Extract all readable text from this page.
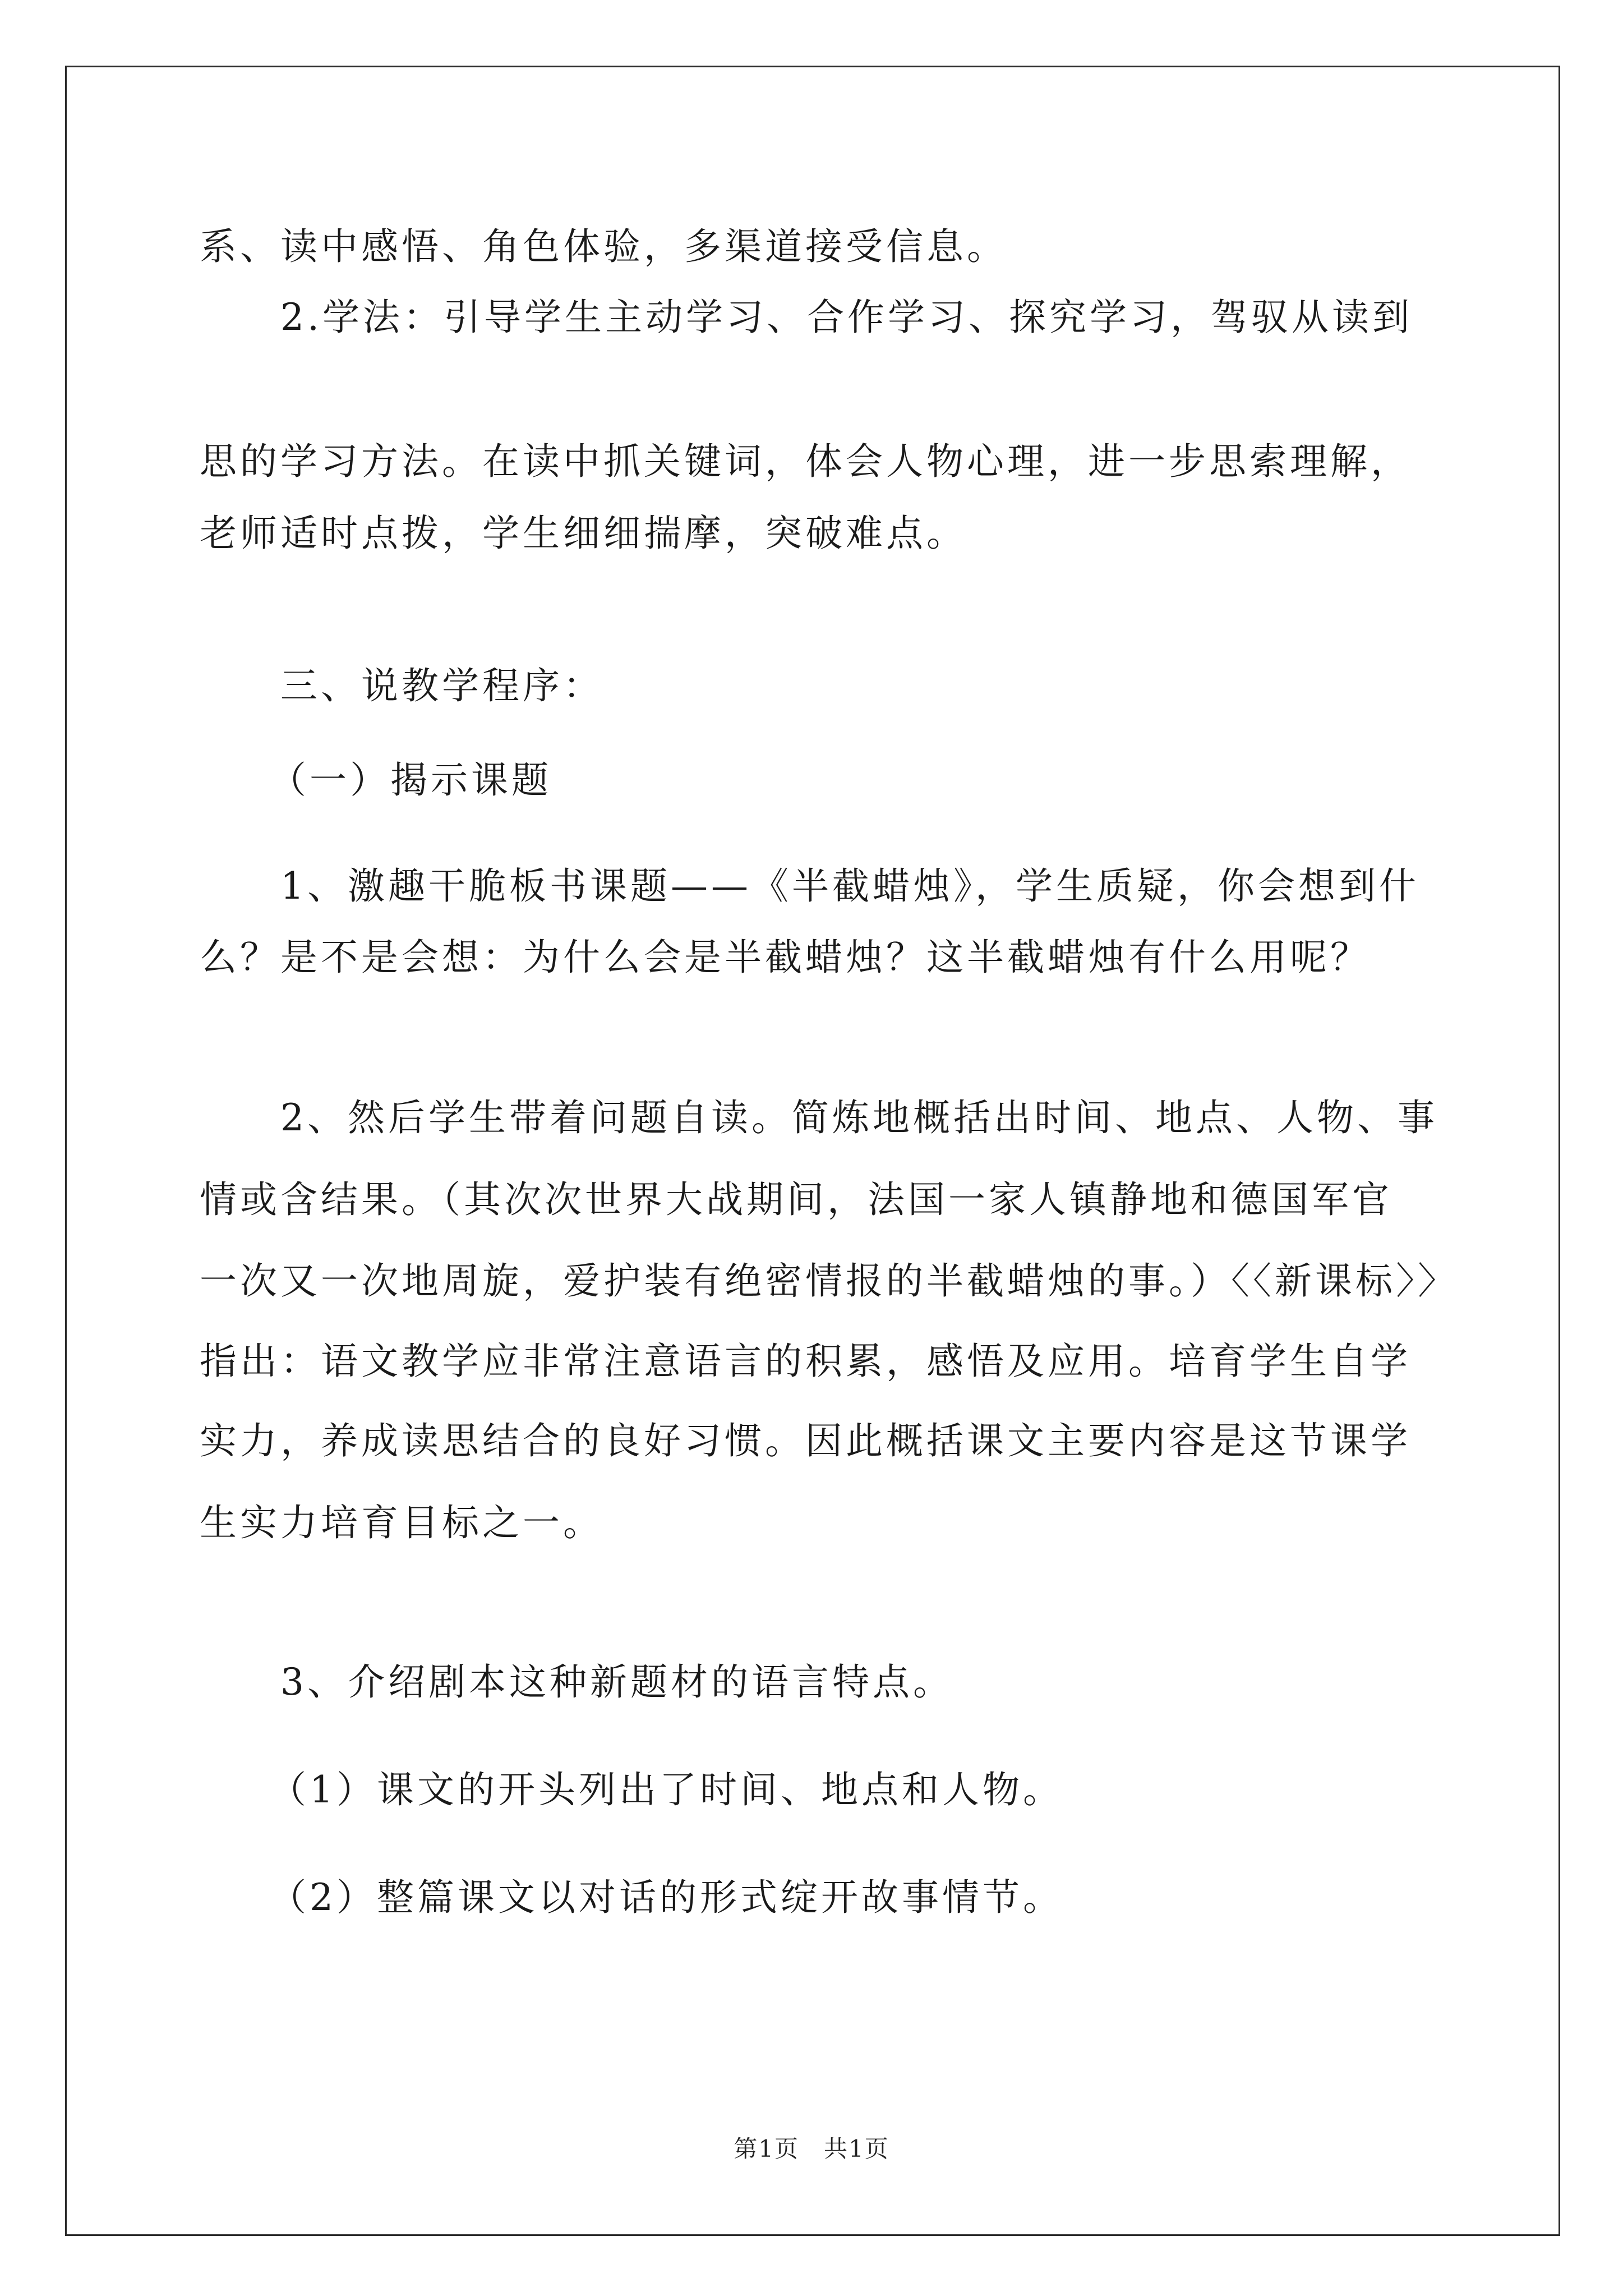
系、读中感悟、角色体验，多渠道接受信息。
2.学法：引导学生主动学习、合作学习、探究学习，驾驭从读到
思的学习方法。在读中抓关键词，体会人物心理，进一步思索理解，
老师适时点拨，学生细细揣摩，突破难点。
三、说教学程序：
（一）揭示课题
1、激趣干脆板书课题——《半截蜡烛》，学生质疑，你会想到什
么？是不是会想：为什么会是半截蜡烛？这半截蜡烛有什么用呢？
2、然后学生带着问题自读。简炼地概括出时间、地点、人物、事
情或含结果。（其次次世界大战期间，法国一家人镇静地和德国军官
一次又一次地周旋，爱护装有绝密情报的半截蜡烛的事。）〈〈新课标〉〉
指出：语文教学应非常注意语言的积累，感悟及应用。培育学生自学
实力，养成读思结合的良好习惯。因此概括课文主要内容是这节课学
生实力培育目标之一。
3、介绍剧本这种新题材的语言特点。
（1）课文的开头列出了时间、地点和人物。
（2）整篇课文以对话的形式绽开故事情节。
第1页　共1页
